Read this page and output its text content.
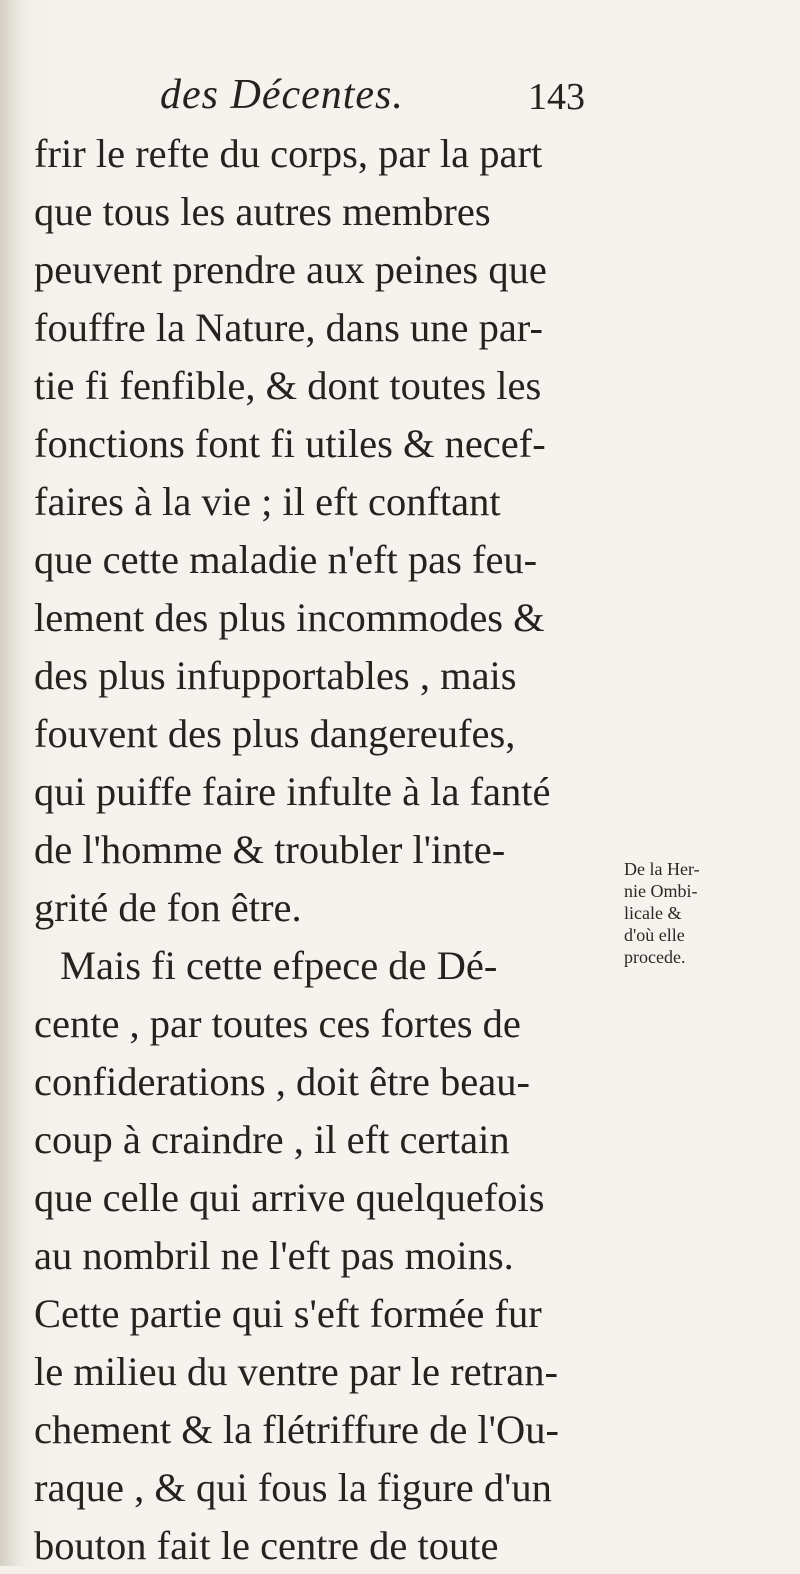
des Décentes.	143
frir le refte du corps, par la part
que tous les autres membres
peuvent prendre aux peines que
fouffre la Nature, dans une par-
tie fi fenfible, & dont toutes les
fonctions font fi utiles & necef-
faires à la vie ; il eft conftant
que cette maladie n'eft pas feu-
lement des plus incommodes &
des plus infupportables , mais
fouvent des plus dangereufes,
qui puiffe faire infulte à la fanté
de l'homme & troubler l'inte-
grité de fon être.
Mais fi cette efpece de Dé-
cente , par toutes ces fortes de
confiderations , doit être beau-
coup à craindre , il eft certain
que celle qui arrive quelquefois
au nombril ne l'eft pas moins.
Cette partie qui s'eft formée fur
le milieu du ventre par le retran-
chement & la flétriffure de l'Ou-
raque , & qui fous la figure d'un
bouton fait le centre de toute
De la Her-
nie Ombi-
licale &
d'où elle
procede.
